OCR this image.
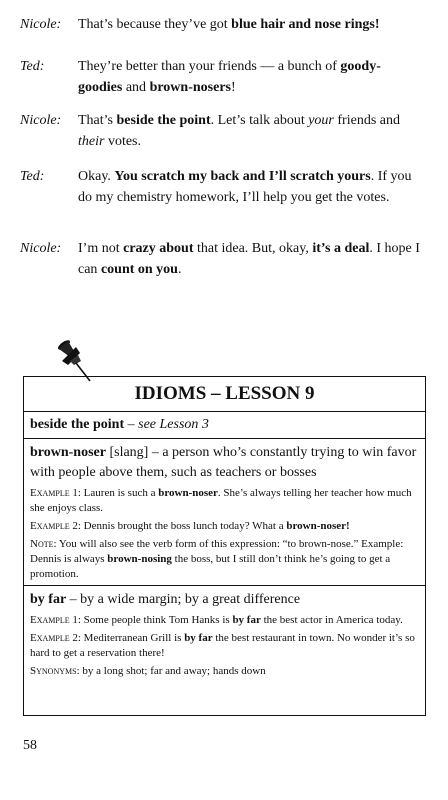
Nicole: That’s because they’ve got blue hair and nose rings!
Ted: They’re better than your friends — a bunch of goody-goodies and brown-nosers!
Nicole: That’s beside the point. Let’s talk about your friends and their votes.
Ted: Okay. You scratch my back and I’ll scratch yours. If you do my chemistry homework, I’ll help you get the votes.
Nicole: I’m not crazy about that idea. But, okay, it’s a deal. I hope I can count on you.
IDIOMS – LESSON 9
beside the point – see Lesson 3
brown-noser [slang] – a person who’s constantly trying to win favor with people above them, such as teachers or bosses
Example 1: Lauren is such a brown-noser. She’s always telling her teacher how much she enjoys class.
Example 2: Dennis brought the boss lunch today? What a brown-noser!
Note: You will also see the verb form of this expression: “to brown-nose.” Example: Dennis is always brown-nosing the boss, but I still don’t think he’s going to get a promotion.
by far – by a wide margin; by a great difference
Example 1: Some people think Tom Hanks is by far the best actor in America today.
Example 2: Mediterranean Grill is by far the best restaurant in town. No wonder it’s so hard to get a reservation there!
Synonyms: by a long shot; far and away; hands down
58
